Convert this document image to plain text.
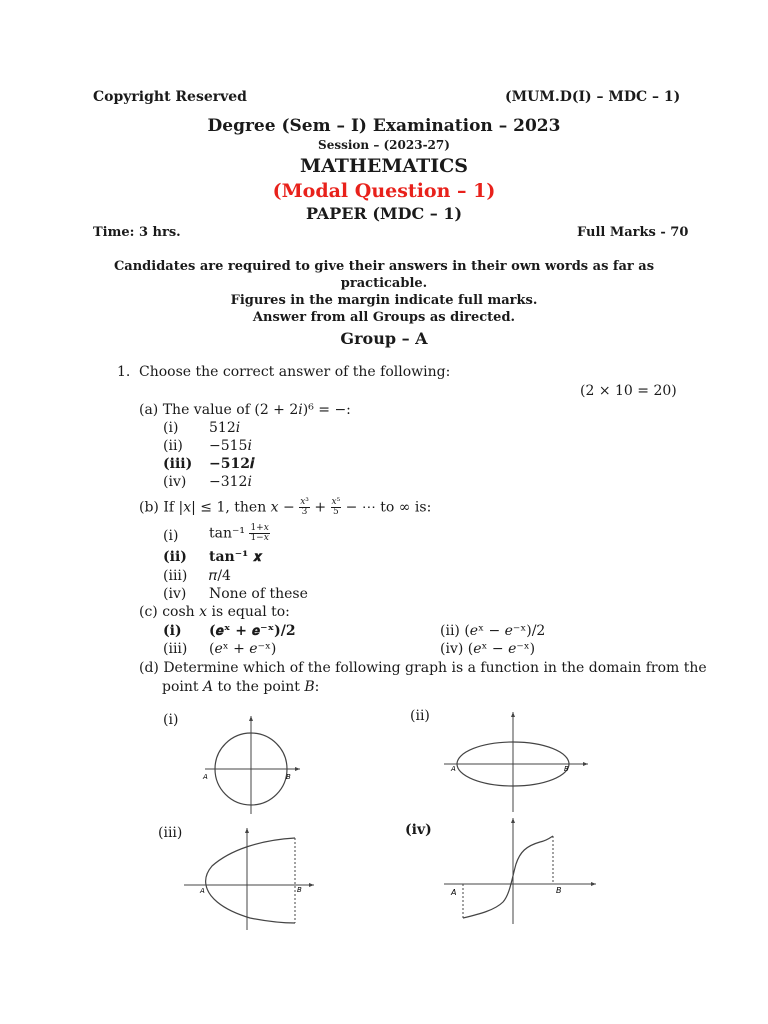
Copyright Reserved	(MUM.D(I) – MDC – 1)
Degree (Sem – I) Examination – 2023
Session – (2023-27)
MATHEMATICS
(Modal Question – 1)
PAPER (MDC – 1)
Time: 3 hrs.	Full Marks - 70
Candidates are required to give their answers in their own words as far as
practicable.
Figures in the margin indicate full marks.
Answer from all Groups as directed.
Group – A
1. Choose the correct answer of the following:
(2 × 10 = 20)
(a) The value of (2 + 2𝑖)⁶ = −:
(i) 512𝑖
(ii) −515𝑖
(iii) −512𝒊
(iv) −312𝑖
(b) If |𝑥| ≤ 1, then 𝑥 − $\frac{\text{𝑥³}}{3} + \frac{\text{𝑥⁵}}{5}$ − ⋯ to ∞ is:
(i) $\tan^{-1} \frac{\text{1+𝑥}}{\text{1−𝑥}}$
(ii) tan⁻¹ 𝒙
(iii) 𝜋/4
(iv) None of these
(c) cosh 𝑥 is equal to:
(i) (𝒆ˣ + 𝒆⁻ˣ)/𝟐	(ii) (𝑒ˣ − 𝑒⁻ˣ)/2
(iii) (𝑒ˣ + 𝑒⁻ˣ)	(iv) (𝑒ˣ − 𝑒⁻ˣ)
(d) Determine which of the following graph is a function in the domain from the
point 𝐴 to the point 𝐵:
(i)	(ii)
(iii)	(iv)
A	B
A	B
A	B	A	B
